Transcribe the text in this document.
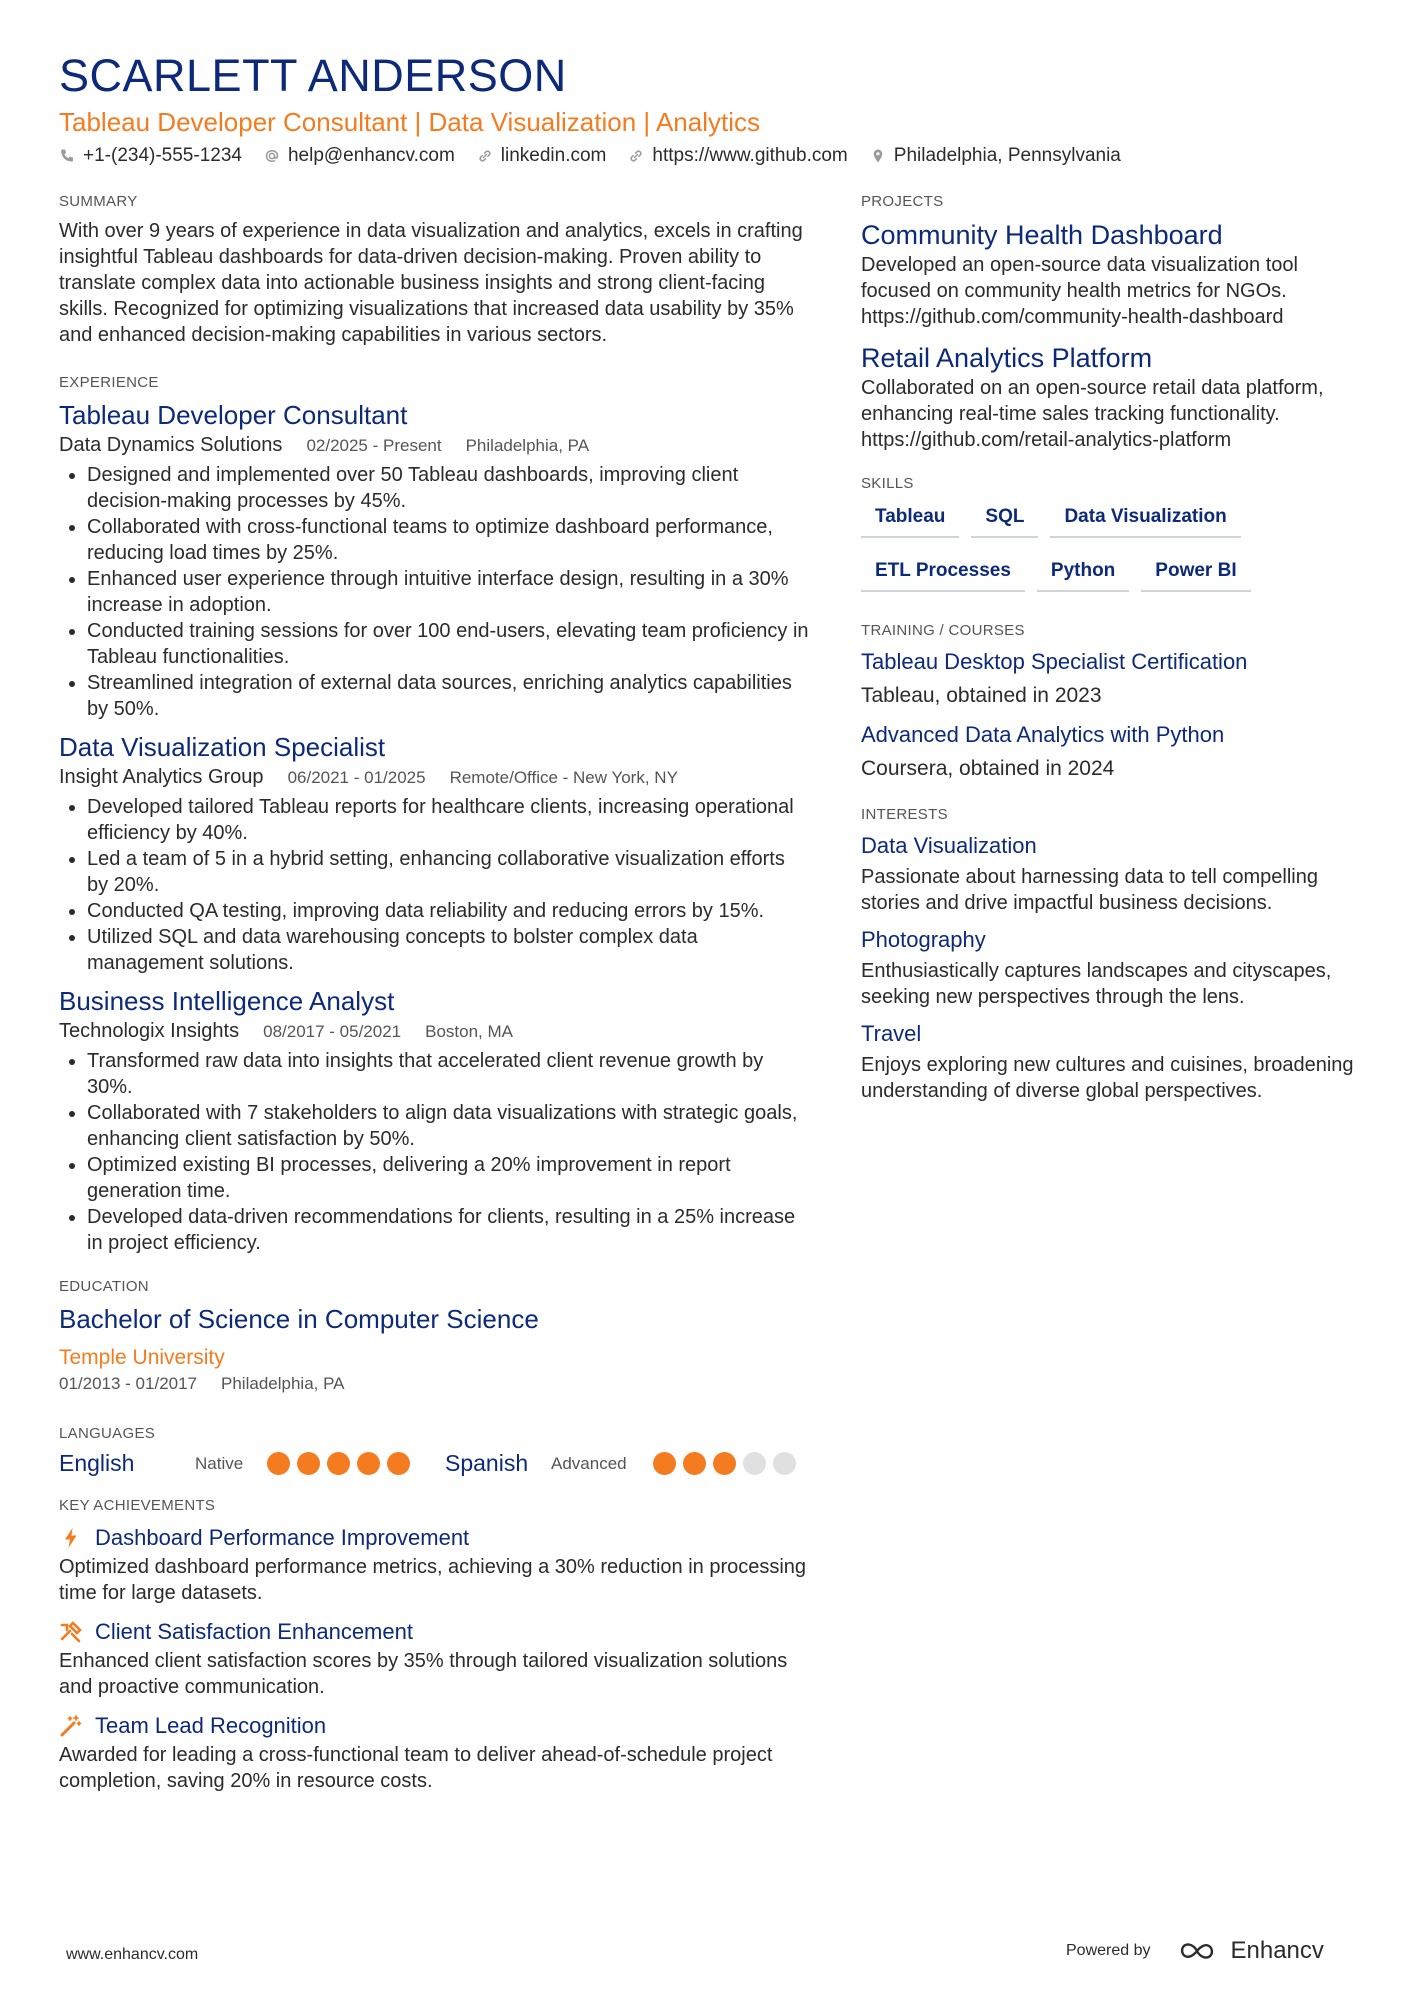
SCARLETT ANDERSON
Tableau Developer Consultant | Data Visualization | Analytics
+1-(234)-555-1234 help@enhancv.com linkedin.com https://www.github.com Philadelphia, Pennsylvania
SUMMARY
With over 9 years of experience in data visualization and analytics, excels in crafting insightful Tableau dashboards for data-driven decision-making. Proven ability to translate complex data into actionable business insights and strong client-facing skills. Recognized for optimizing visualizations that increased data usability by 35% and enhanced decision-making capabilities in various sectors.
EXPERIENCE
Tableau Developer Consultant
Data Dynamics Solutions 02/2025 - Present Philadelphia, PA
• Designed and implemented over 50 Tableau dashboards, improving client decision-making processes by 45%.
• Collaborated with cross-functional teams to optimize dashboard performance, reducing load times by 25%.
• Enhanced user experience through intuitive interface design, resulting in a 30% increase in adoption.
• Conducted training sessions for over 100 end-users, elevating team proficiency in Tableau functionalities.
• Streamlined integration of external data sources, enriching analytics capabilities by 50%.
Data Visualization Specialist
Insight Analytics Group 06/2021 - 01/2025 Remote/Office - New York, NY
• Developed tailored Tableau reports for healthcare clients, increasing operational efficiency by 40%.
• Led a team of 5 in a hybrid setting, enhancing collaborative visualization efforts by 20%.
• Conducted QA testing, improving data reliability and reducing errors by 15%.
• Utilized SQL and data warehousing concepts to bolster complex data management solutions.
Business Intelligence Analyst
Technologix Insights 08/2017 - 05/2021 Boston, MA
• Transformed raw data into insights that accelerated client revenue growth by 30%.
• Collaborated with 7 stakeholders to align data visualizations with strategic goals, enhancing client satisfaction by 50%.
• Optimized existing BI processes, delivering a 20% improvement in report generation time.
• Developed data-driven recommendations for clients, resulting in a 25% increase in project efficiency.
EDUCATION
Bachelor of Science in Computer Science
Temple University
01/2013 - 01/2017 Philadelphia, PA
LANGUAGES
English	Native	Spanish	Advanced
KEY ACHIEVEMENTS
Dashboard Performance Improvement
Optimized dashboard performance metrics, achieving a 30% reduction in processing time for large datasets.
Client Satisfaction Enhancement
Enhanced client satisfaction scores by 35% through tailored visualization solutions and proactive communication.
Team Lead Recognition
Awarded for leading a cross-functional team to deliver ahead-of-schedule project completion, saving 20% in resource costs.
PROJECTS
Community Health Dashboard
Developed an open-source data visualization tool focused on community health metrics for NGOs. https://github.com/community-health-dashboard
Retail Analytics Platform
Collaborated on an open-source retail data platform, enhancing real-time sales tracking functionality. https://github.com/retail-analytics-platform
SKILLS
Tableau	SQL	Data Visualization
ETL Processes	Python	Power BI
TRAINING / COURSES
Tableau Desktop Specialist Certification
Tableau, obtained in 2023
Advanced Data Analytics with Python
Coursera, obtained in 2024
INTERESTS
Data Visualization
Passionate about harnessing data to tell compelling stories and drive impactful business decisions.
Photography
Enthusiastically captures landscapes and cityscapes, seeking new perspectives through the lens.
Travel
Enjoys exploring new cultures and cuisines, broadening understanding of diverse global perspectives.
www.enhancv.com	Powered by	Enhancv
